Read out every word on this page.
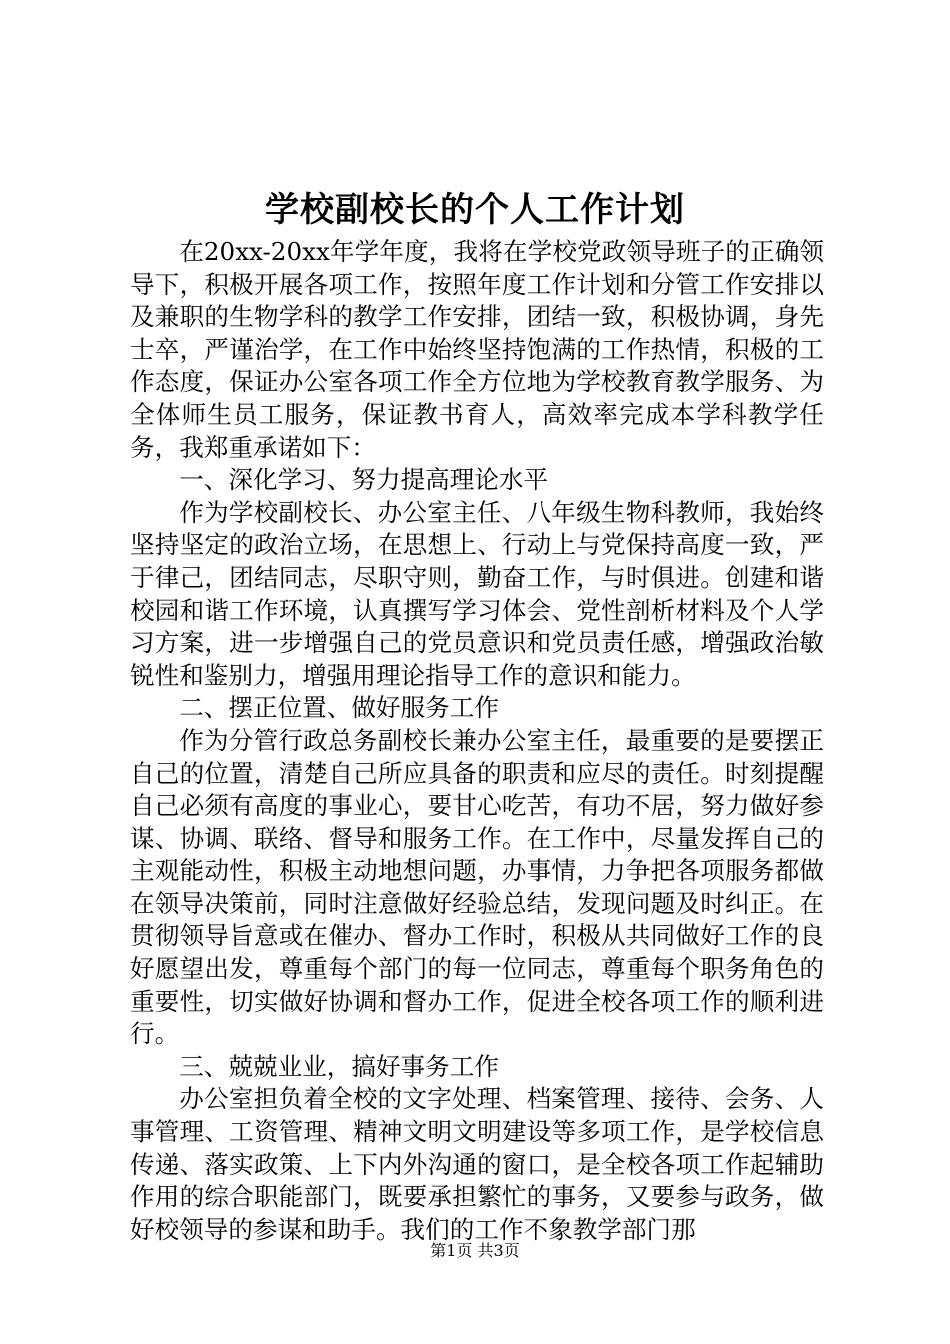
学校副校长的个人工作计划

在20xx-20xx年学年度，我将在学校党政领导班子的正确领导下，积极开展各项工作，按照年度工作计划和分管工作安排以及兼职的生物学科的教学工作安排，团结一致，积极协调，身先士卒，严谨治学，在工作中始终坚持饱满的工作热情，积极的工作态度，保证办公室各项工作全方位地为学校教育教学服务、为全体师生员工服务，保证教书育人，高效率完成本学科教学任务，我郑重承诺如下：

一、深化学习、努力提高理论水平

作为学校副校长、办公室主任、八年级生物科教师，我始终坚持坚定的政治立场，在思想上、行动上与党保持高度一致，严于律己，团结同志，尽职守则，勤奋工作，与时俱进。创建和谐校园和谐工作环境，认真撰写学习体会、党性剖析材料及个人学习方案，进一步增强自己的党员意识和党员责任感，增强政治敏锐性和鉴别力，增强用理论指导工作的意识和能力。

二、摆正位置、做好服务工作

作为分管行政总务副校长兼办公室主任，最重要的是要摆正自己的位置，清楚自己所应具备的职责和应尽的责任。时刻提醒自己必须有高度的事业心，要甘心吃苦，有功不居，努力做好参谋、协调、联络、督导和服务工作。在工作中，尽量发挥自己的主观能动性，积极主动地想问题，办事情，力争把各项服务都做在领导决策前，同时注意做好经验总结，发现问题及时纠正。在贯彻领导旨意或在催办、督办工作时，积极从共同做好工作的良好愿望出发，尊重每个部门的每一位同志，尊重每个职务角色的重要性，切实做好协调和督办工作，促进全校各项工作的顺利进行。

三、兢兢业业，搞好事务工作

办公室担负着全校的文字处理、档案管理、接待、会务、人事管理、工资管理、精神文明文明建设等多项工作，是学校信息传递、落实政策、上下内外沟通的窗口，是全校各项工作起辅助作用的综合职能部门，既要承担繁忙的事务，又要参与政务，做好校领导的参谋和助手。我们的工作不象教学部门那

第1页 共3页
